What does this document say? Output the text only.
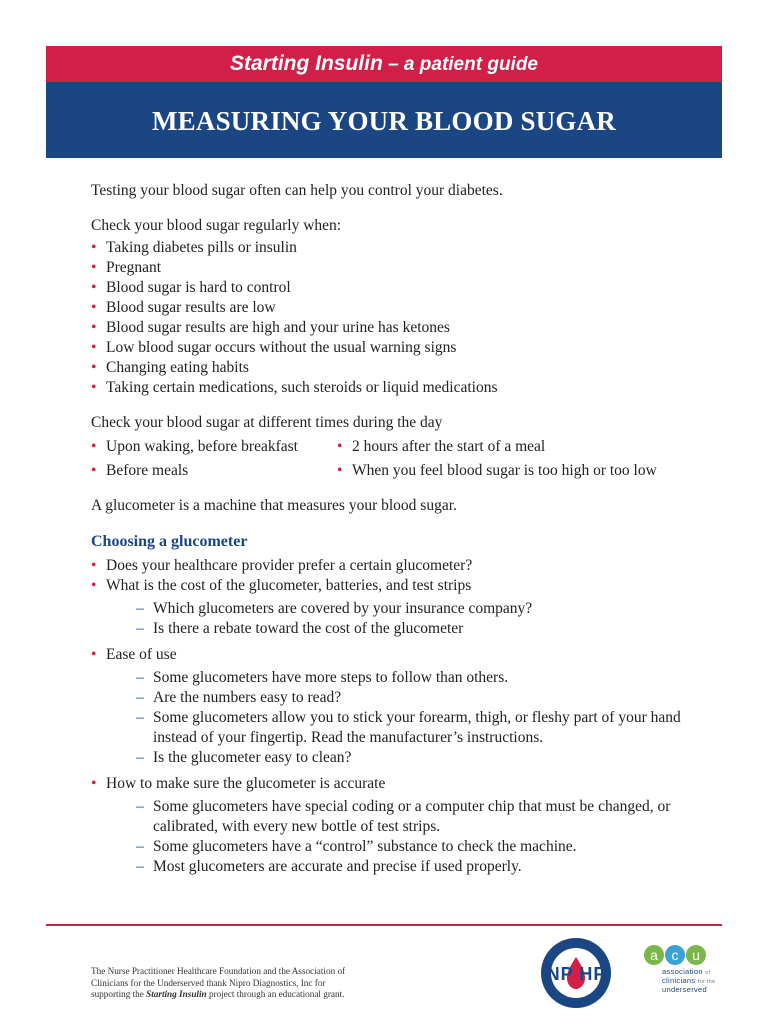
Starting Insulin – a patient guide
MEASURING YOUR BLOOD SUGAR

Testing your blood sugar often can help you control your diabetes.

Check your blood sugar regularly when:

• Taking diabetes pills or insulin
• Pregnant
• Blood sugar is hard to control
• Blood sugar results are low
• Blood sugar results are high and your urine has ketones
• Low blood sugar occurs without the usual warning signs
• Changing eating habits
• Taking certain medications, such steroids or liquid medications

Check your blood sugar at different times during the day

• Upon waking, before breakfast	• 2 hours after the start of a meal
• Before meals	• When you feel blood sugar is too high or too low

A glucometer is a machine that measures your blood sugar.

Choosing a glucometer
• Does your healthcare provider prefer a certain glucometer?
• What is the cost of the glucometer, batteries, and test strips
– Which glucometers are covered by your insurance company?
– Is there a rebate toward the cost of the glucometer
• Ease of use
– Some glucometers have more steps to follow than others.
– Are the numbers easy to read?
– Some glucometers allow you to stick your forearm, thigh, or fleshy part of your hand instead of your fingertip. Read the manufacturer’s instructions.
– Is the glucometer easy to clean?
• How to make sure the glucometer is accurate
– Some glucometers have special coding or a computer chip that must be changed, or calibrated, with every new bottle of test strips.
– Some glucometers have a “control” substance to check the machine.
– Most glucometers are accurate and precise if used properly.
The Nurse Practitioner Healthcare Foundation and the Association of Clinicians for the Underserved thank Nipro Diagnostics, Inc for supporting the Starting Insulin project through an educational grant.
NP HF
a c u
association of
clinicians for the
underserved
